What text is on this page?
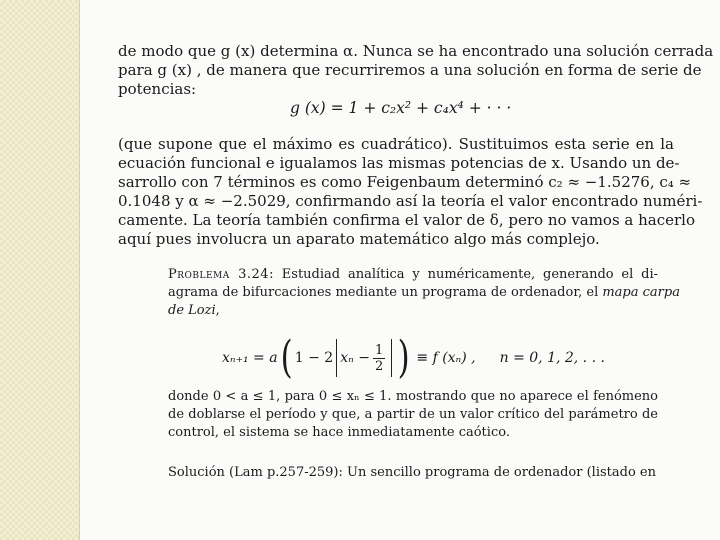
de modo que g (x) determina α. Nunca se ha encontrado una solución cerrada
para g (x) , de manera que recurriremos a una solución en forma de serie de
potencias:
g (x) = 1 + c₂x² + c₄x⁴ + · · ·
(que supone que el máximo es cuadrático). Sustituimos esta serie en la
ecuación funcional e igualamos las mismas potencias de x. Usando un de-
sarrollo con 7 términos es como Feigenbaum determinó c₂ ≈ −1.5276, c₄ ≈
0.1048 y α ≈ −2.5029, confirmando así la teoría el valor encontrado numéri-
camente. La teoría también confirma el valor de δ, pero no vamos a hacerlo
aquí pues involucra un aparato matemático algo más complejo.
Problema 3.24: Estudiad analítica y numéricamente, generando el di-
agrama de bifurcaciones mediante un programa de ordenador, el mapa carpa
de Lozi,
xₙ₊₁ = a ( 1 − 2 $x_n - \frac{1}{2}$ ) ≡ f (xₙ) , n = 0, 1, 2, . . .
donde 0 < a ≤ 1, para 0 ≤ xₙ ≤ 1. mostrando que no aparece el fenómeno
de doblarse el período y que, a partir de un valor crítico del parámetro de
control, el sistema se hace inmediatamente caótico.
Solución (Lam p.257-259): Un sencillo programa de ordenador (listado en
